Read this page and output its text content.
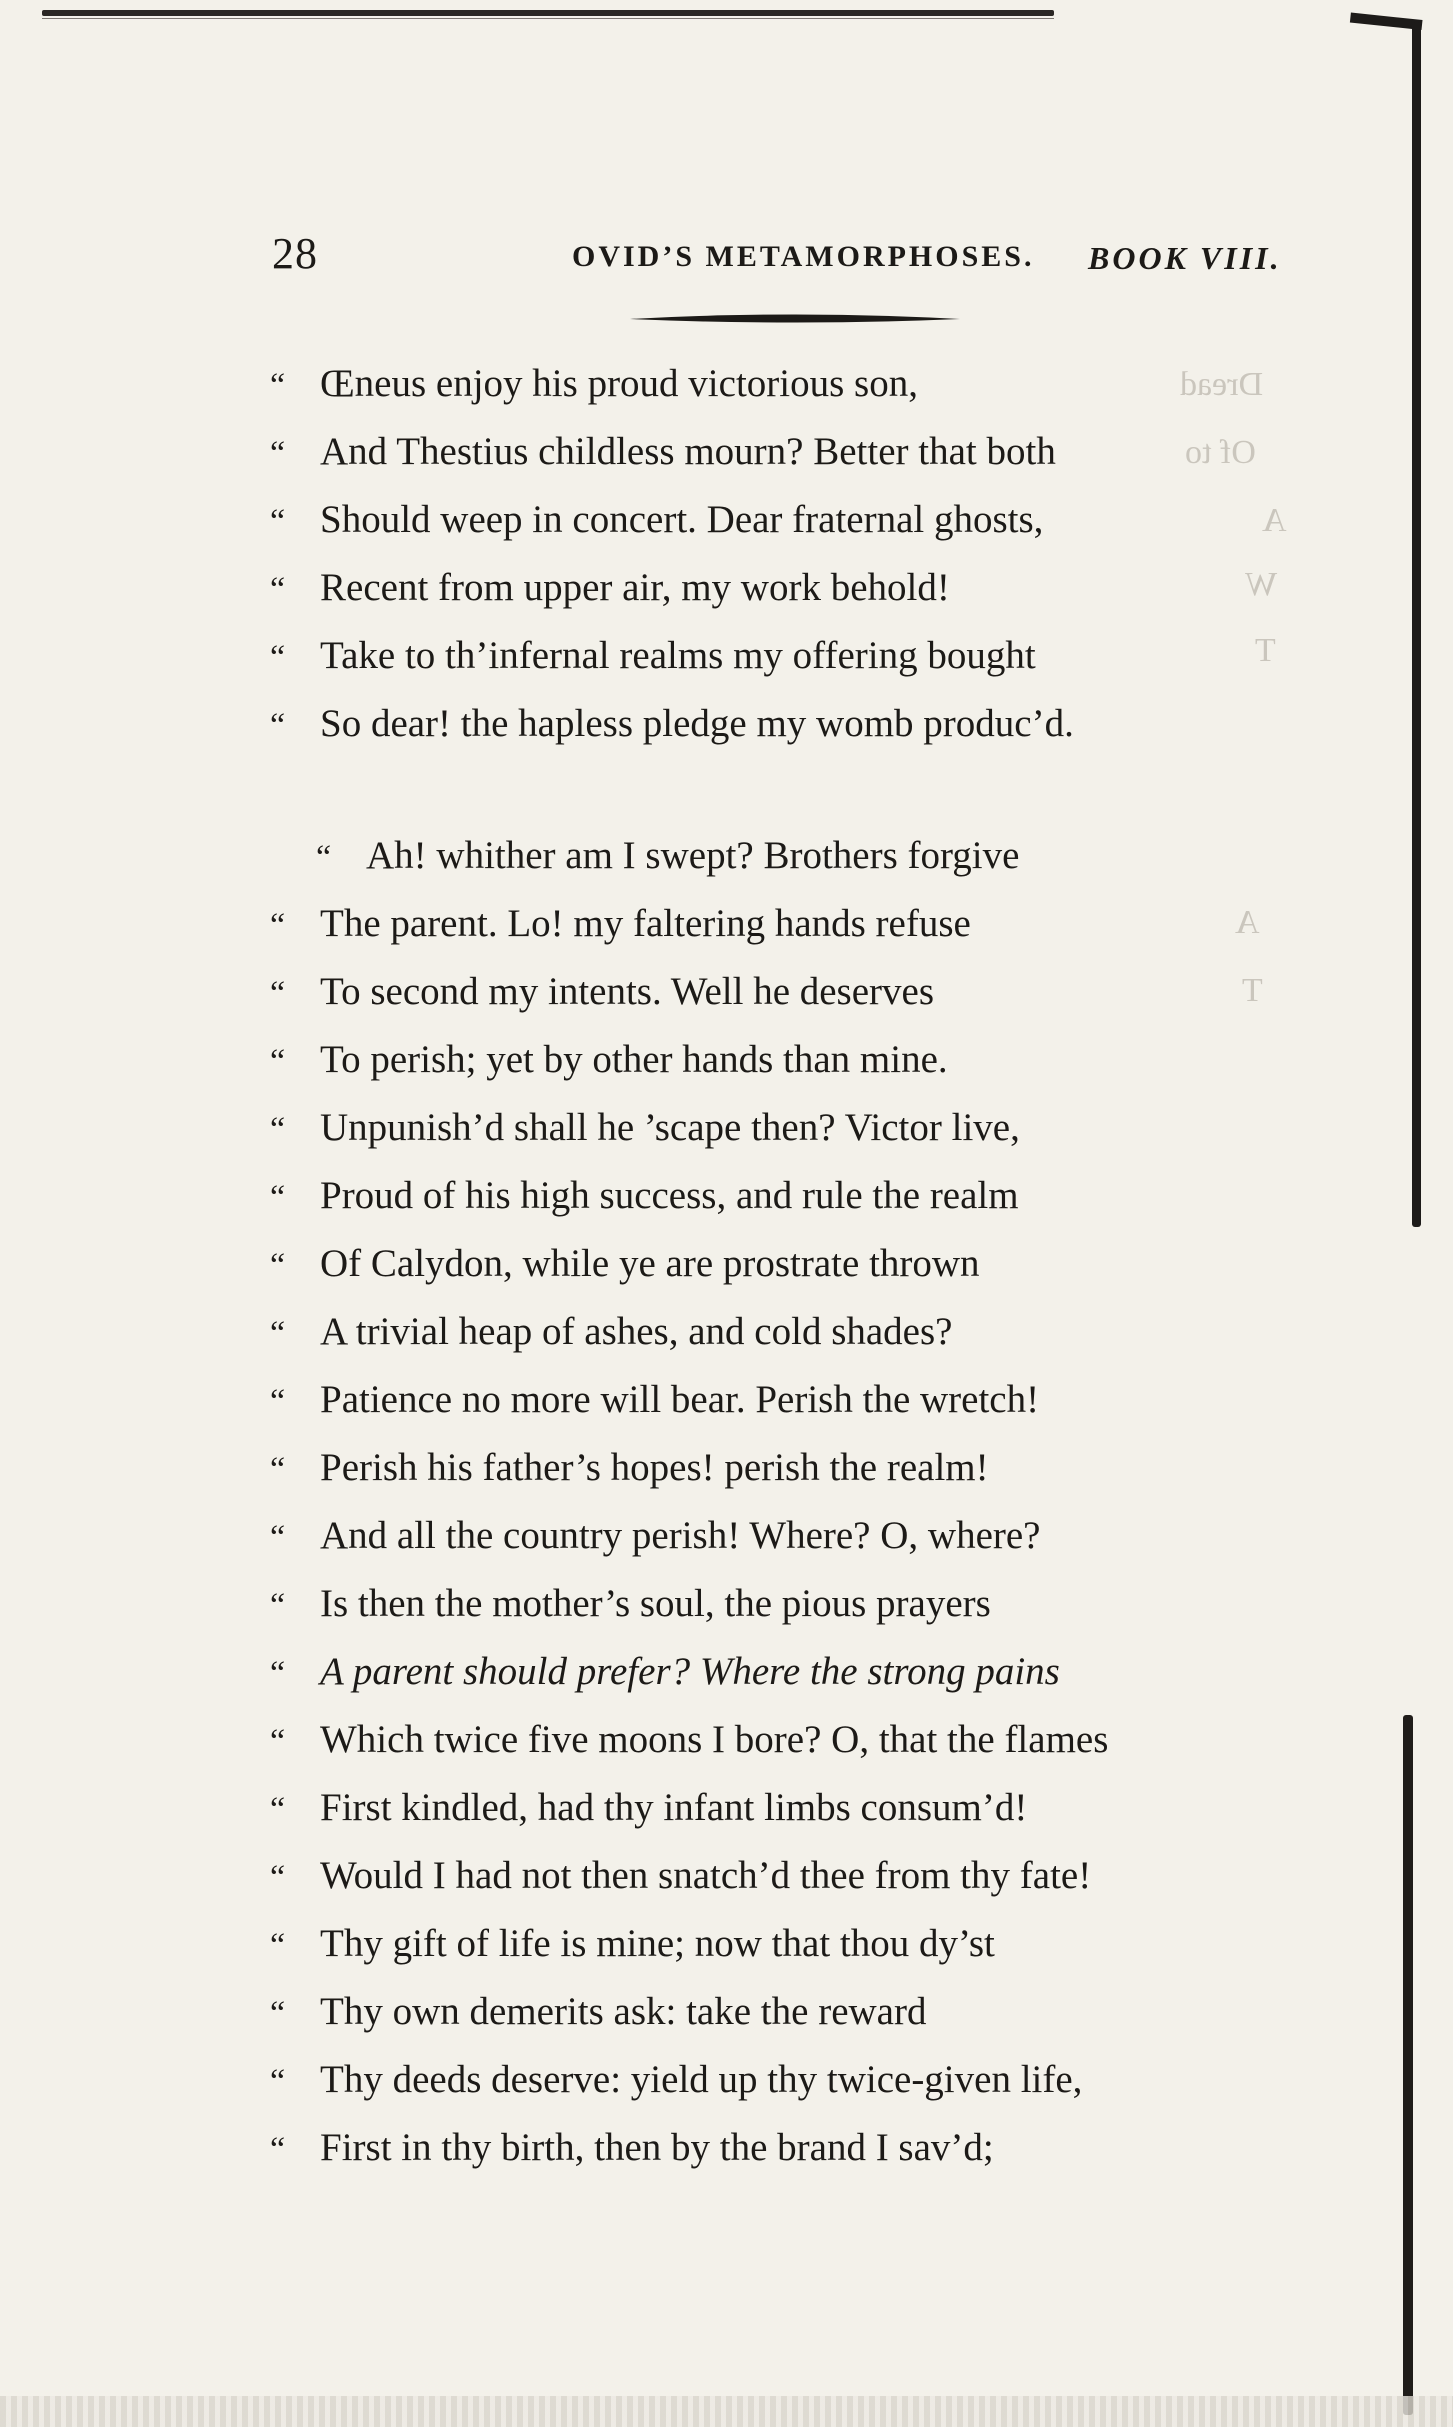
28	OVID’S METAMORPHOSES. BOOK VIII.
Dread
Of to
A
W
T
A
T
“ Œneus enjoy his proud victorious son,
“ And Thestius childless mourn? Better that both
“ Should weep in concert. Dear fraternal ghosts,
“ Recent from upper air, my work behold!
“ Take to th’infernal realms my offering bought
“ So dear! the hapless pledge my womb produc’d.
“ Ah! whither am I swept? Brothers forgive
“ The parent. Lo! my faltering hands refuse
“ To second my intents. Well he deserves
“ To perish; yet by other hands than mine.
“ Unpunish’d shall he ’scape then? Victor live,
“ Proud of his high success, and rule the realm
“ Of Calydon, while ye are prostrate thrown
“ A trivial heap of ashes, and cold shades?
“ Patience no more will bear. Perish the wretch!
“ Perish his father’s hopes! perish the realm!
“ And all the country perish! Where? O, where?
“ Is then the mother’s soul, the pious prayers
“ A parent should prefer? Where the strong pains
“ Which twice five moons I bore? O, that the flames
“ First kindled, had thy infant limbs consum’d!
“ Would I had not then snatch’d thee from thy fate!
“ Thy gift of life is mine; now that thou dy’st
“ Thy own demerits ask: take the reward
“ Thy deeds deserve: yield up thy twice-given life,
“ First in thy birth, then by the brand I sav’d;
